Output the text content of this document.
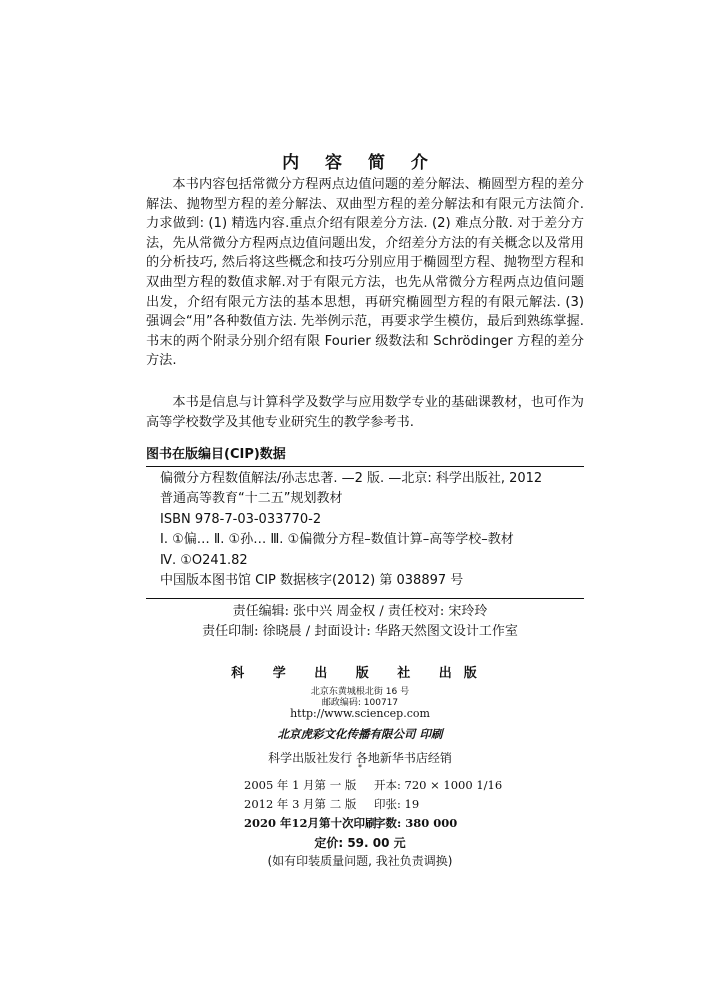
内 容 简 介

本书内容包括常微分方程两点边值问题的差分解法、椭圆型方程的差分解法、抛物型方程的差分解法、双曲型方程的差分解法和有限元方法简介. 力求做到: (1) 精选内容.重点介绍有限差分方法. (2) 难点分散. 对于差分方法，先从常微分方程两点边值问题出发，介绍差分方法的有关概念以及常用的分析技巧, 然后将这些概念和技巧分别应用于椭圆型方程、抛物型方程和双曲型方程的数值求解.对于有限元方法，也先从常微分方程两点边值问题出发，介绍有限元方法的基本思想，再研究椭圆型方程的有限元解法. (3) 强调会“用”各种数值方法. 先举例示范，再要求学生模仿，最后到熟练掌握. 书末的两个附录分别介绍有限 Fourier 级数法和 Schrödinger 方程的差分方法.

本书是信息与计算科学及数学与应用数学专业的基础课教材，也可作为高等学校数学及其他专业研究生的教学参考书.

图书在版编目(CIP)数据
偏微分方程数值解法/孙志忠著. —2 版. —北京: 科学出版社, 2012
普通高等教育“十二五”规划教材
ISBN 978-7-03-033770-2
Ⅰ. ①偏… Ⅱ. ①孙… Ⅲ. ①偏微分方程–数值计算–高等学校–教材
Ⅳ. ①O241.82
中国版本图书馆 CIP 数据核字(2012) 第 038897 号
责任编辑: 张中兴 周金权 / 责任校对: 宋玲玲
责任印制: 徐晓晨 / 封面设计: 华路天然图文设计工作室
科 学 出 版 社 出版
北京东黄城根北街 16 号
邮政编码: 100717
http://www.sciencep.com
北京虎彩文化传播有限公司 印刷
科学出版社发行 各地新华书店经销
*
2005 年 1 月第 一 版 开本: 720 × 1000 1/16
2012 年 3 月第 二 版 印张: 19
2020 年12月第十次印刷字数: 380 000
定价: 59. 00 元
(如有印装质量问题, 我社负责调换)
